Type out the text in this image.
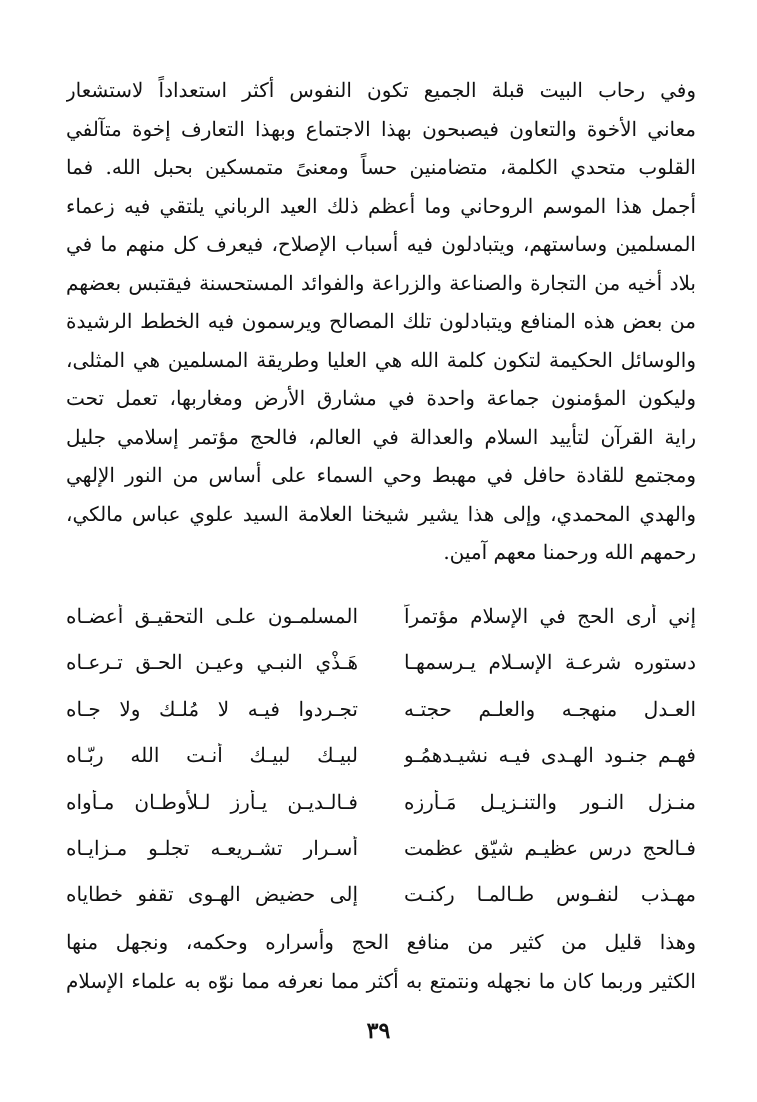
وفي رحاب البيت قبلة الجميع تكون النفوس أكثر استعداداً لاستشعار
معاني الأخوة والتعاون فيصبحون بهذا الاجتماع وبهذا التعارف إخوة متآلفي
القلوب متحدي الكلمة، متضامنين حساً ومعنىً متمسكين بحبل الله. فما
أجمل هذا الموسم الروحاني وما أعظم ذلك العيد الرباني يلتقي فيه زعماء
المسلمين وساستهم، ويتبادلون فيه أسباب الإصلاح، فيعرف كل منهم ما في
بلاد أخيه من التجارة والصناعة والزراعة والفوائد المستحسنة فيقتبس بعضهم
من بعض هذه المنافع ويتبادلون تلك المصالح ويرسمون فيه الخطط الرشيدة
والوسائل الحكيمة لتكون كلمة الله هي العليا وطريقة المسلمين هي المثلى،
وليكون المؤمنون جماعة واحدة في مشارق الأرض ومغاربها، تعمل تحت
راية القرآن لتأييد السلام والعدالة في العالم، فالحج مؤتمر إسلامي جليل
ومجتمع للقادة حافل في مهبط وحي السماء على أساس من النور الإلهي
والهدي المحمدي، وإلى هذا يشير شيخنا العلامة السيد علوي عباس مالكي،
رحمهم الله ورحمنا معهم آمين.

إني أرى الحج في الإسلام مؤتمراً
المسلمـون علـى التحقيـق أعضـاه
دستوره شرعـة الإسـلام يـرسمهـا
هَـذْي النبـي وعيـن الحـق تـرعـاه
العـدل منهجـه والعلـم حجتـه
تجـردوا فيـه لا مُلـك ولا جـاه
فهـم جنـود الهـدى فيـه نشيـدهمُـو
لبيـك لبيـك أنـت الله ربّـاه
منـزل النـور والتنـزيـل مَـأرزه
فـالـديـن يـأرز لـلأوطـان مـأواه
فـالحج درس عظيـم شيّق عظمت
أسـرار تشـريعـه تجلـو مـزايـاه
مهـذب لنفـوسٍ طـالمـا ركنـت
إلى حضيض الهـوى تقفو خطاياه

وهذا قليل من كثير من منافع الحج وأسراره وحكمه، ونجهل منها
الكثير وربما كان ما نجهله ونتمتع به أكثر مما نعرفه مما نوّه به علماء الإسلام

٣٩
